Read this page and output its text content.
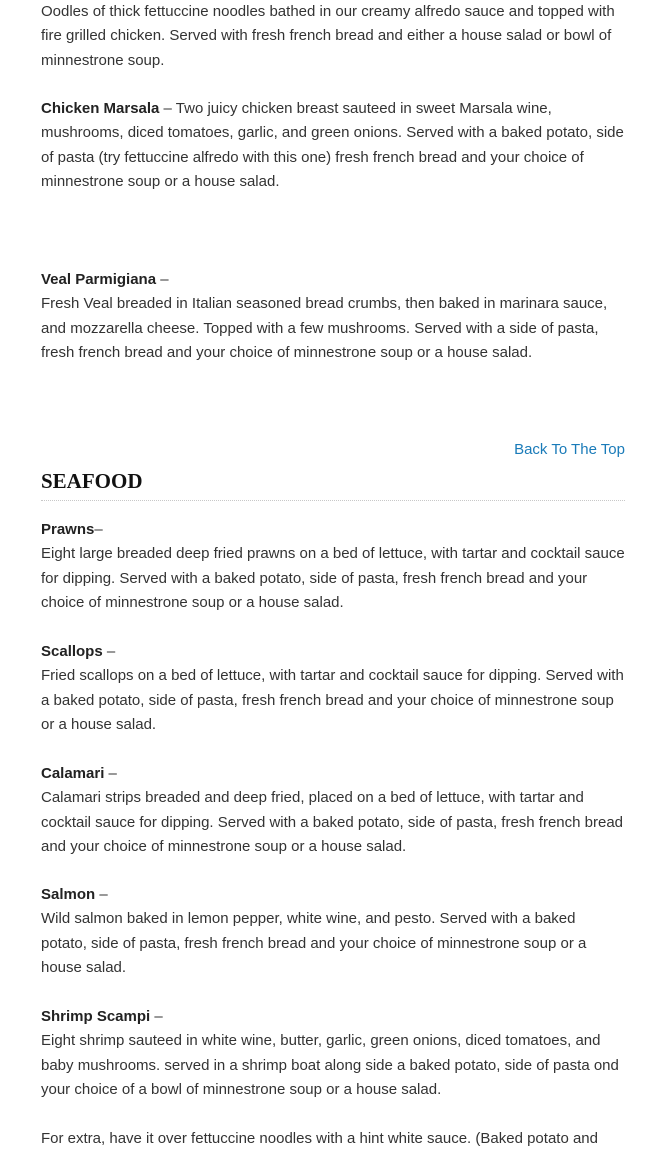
Oodles of thick fettuccine noodles bathed in our creamy alfredo sauce and topped with fire grilled chicken. Served with fresh french bread and either a house salad or bowl of minnestrone soup.
Chicken Marsala – Two juicy chicken breast sauteed in sweet Marsala wine, mushrooms, diced tomatoes, garlic, and green onions. Served with a baked potato, side of pasta (try fettuccine alfredo with this one) fresh french bread and your choice of minnestrone soup or a house salad.
Veal Parmigiana –
Fresh Veal breaded in Italian seasoned bread crumbs, then baked in marinara sauce, and mozzarella cheese. Topped with a few mushrooms. Served with a side of pasta, fresh french bread and your choice of minnestrone soup or a house salad.
Back To The Top
SEAFOOD
Prawns–
Eight large breaded deep fried prawns on a bed of lettuce, with tartar and cocktail sauce for dipping. Served with a baked potato, side of pasta, fresh french bread and your choice of minnestrone soup or a house salad.
Scallops –
Fried scallops on a bed of lettuce, with tartar and cocktail sauce for dipping. Served with a baked potato, side of pasta, fresh french bread and your choice of minnestrone soup or a house salad.
Calamari –
Calamari strips breaded and deep fried, placed on a bed of lettuce, with tartar and cocktail sauce for dipping. Served with a baked potato, side of pasta, fresh french bread and your choice of minnestrone soup or a house salad.
Salmon –
Wild salmon baked in lemon pepper, white wine, and pesto. Served with a baked potato, side of pasta, fresh french bread and your choice of minnestrone soup or a house salad.
Shrimp Scampi –
Eight shrimp sauteed in white wine, butter, garlic, green onions, diced tomatoes, and baby mushrooms. served in a shrimp boat along side a baked potato, side of pasta ond your choice of a bowl of minnestrone soup or a house salad.
For extra, have it over fettuccine noodles with a hint white sauce. (Baked potato and
